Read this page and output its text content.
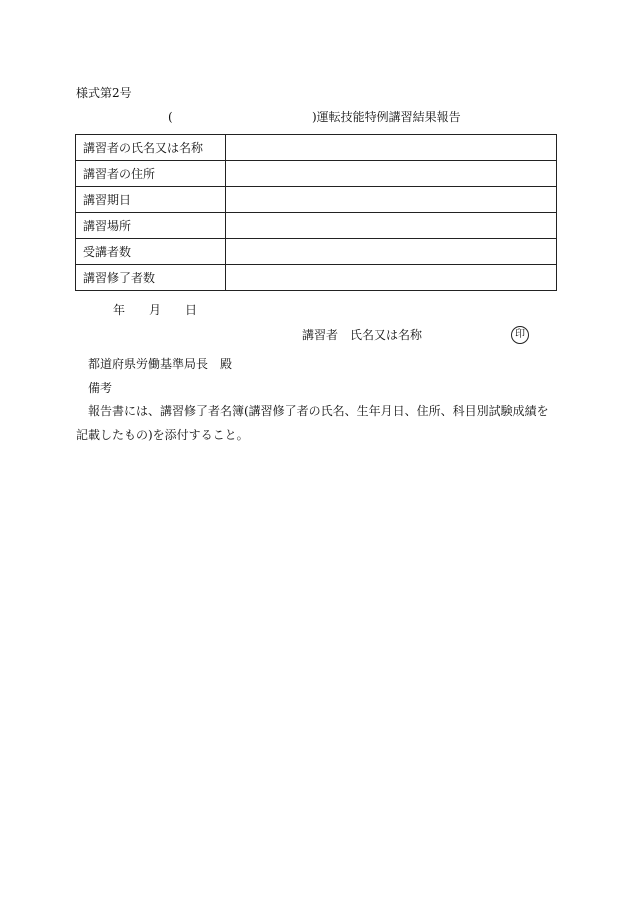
様式第2号
(	)運転技能特例講習結果報告
講習者の氏名又は名称	
講習者の住所	
講習期日	
講習場所	
受講者数	
講習修了者数	
年 月 日
講習者　氏名又は名称	印
都道府県労働基準局長　殿
備考
報告書には、講習修了者名簿(講習修了者の氏名、生年月日、住所、科目別試験成績を
記載したもの)を添付すること。
